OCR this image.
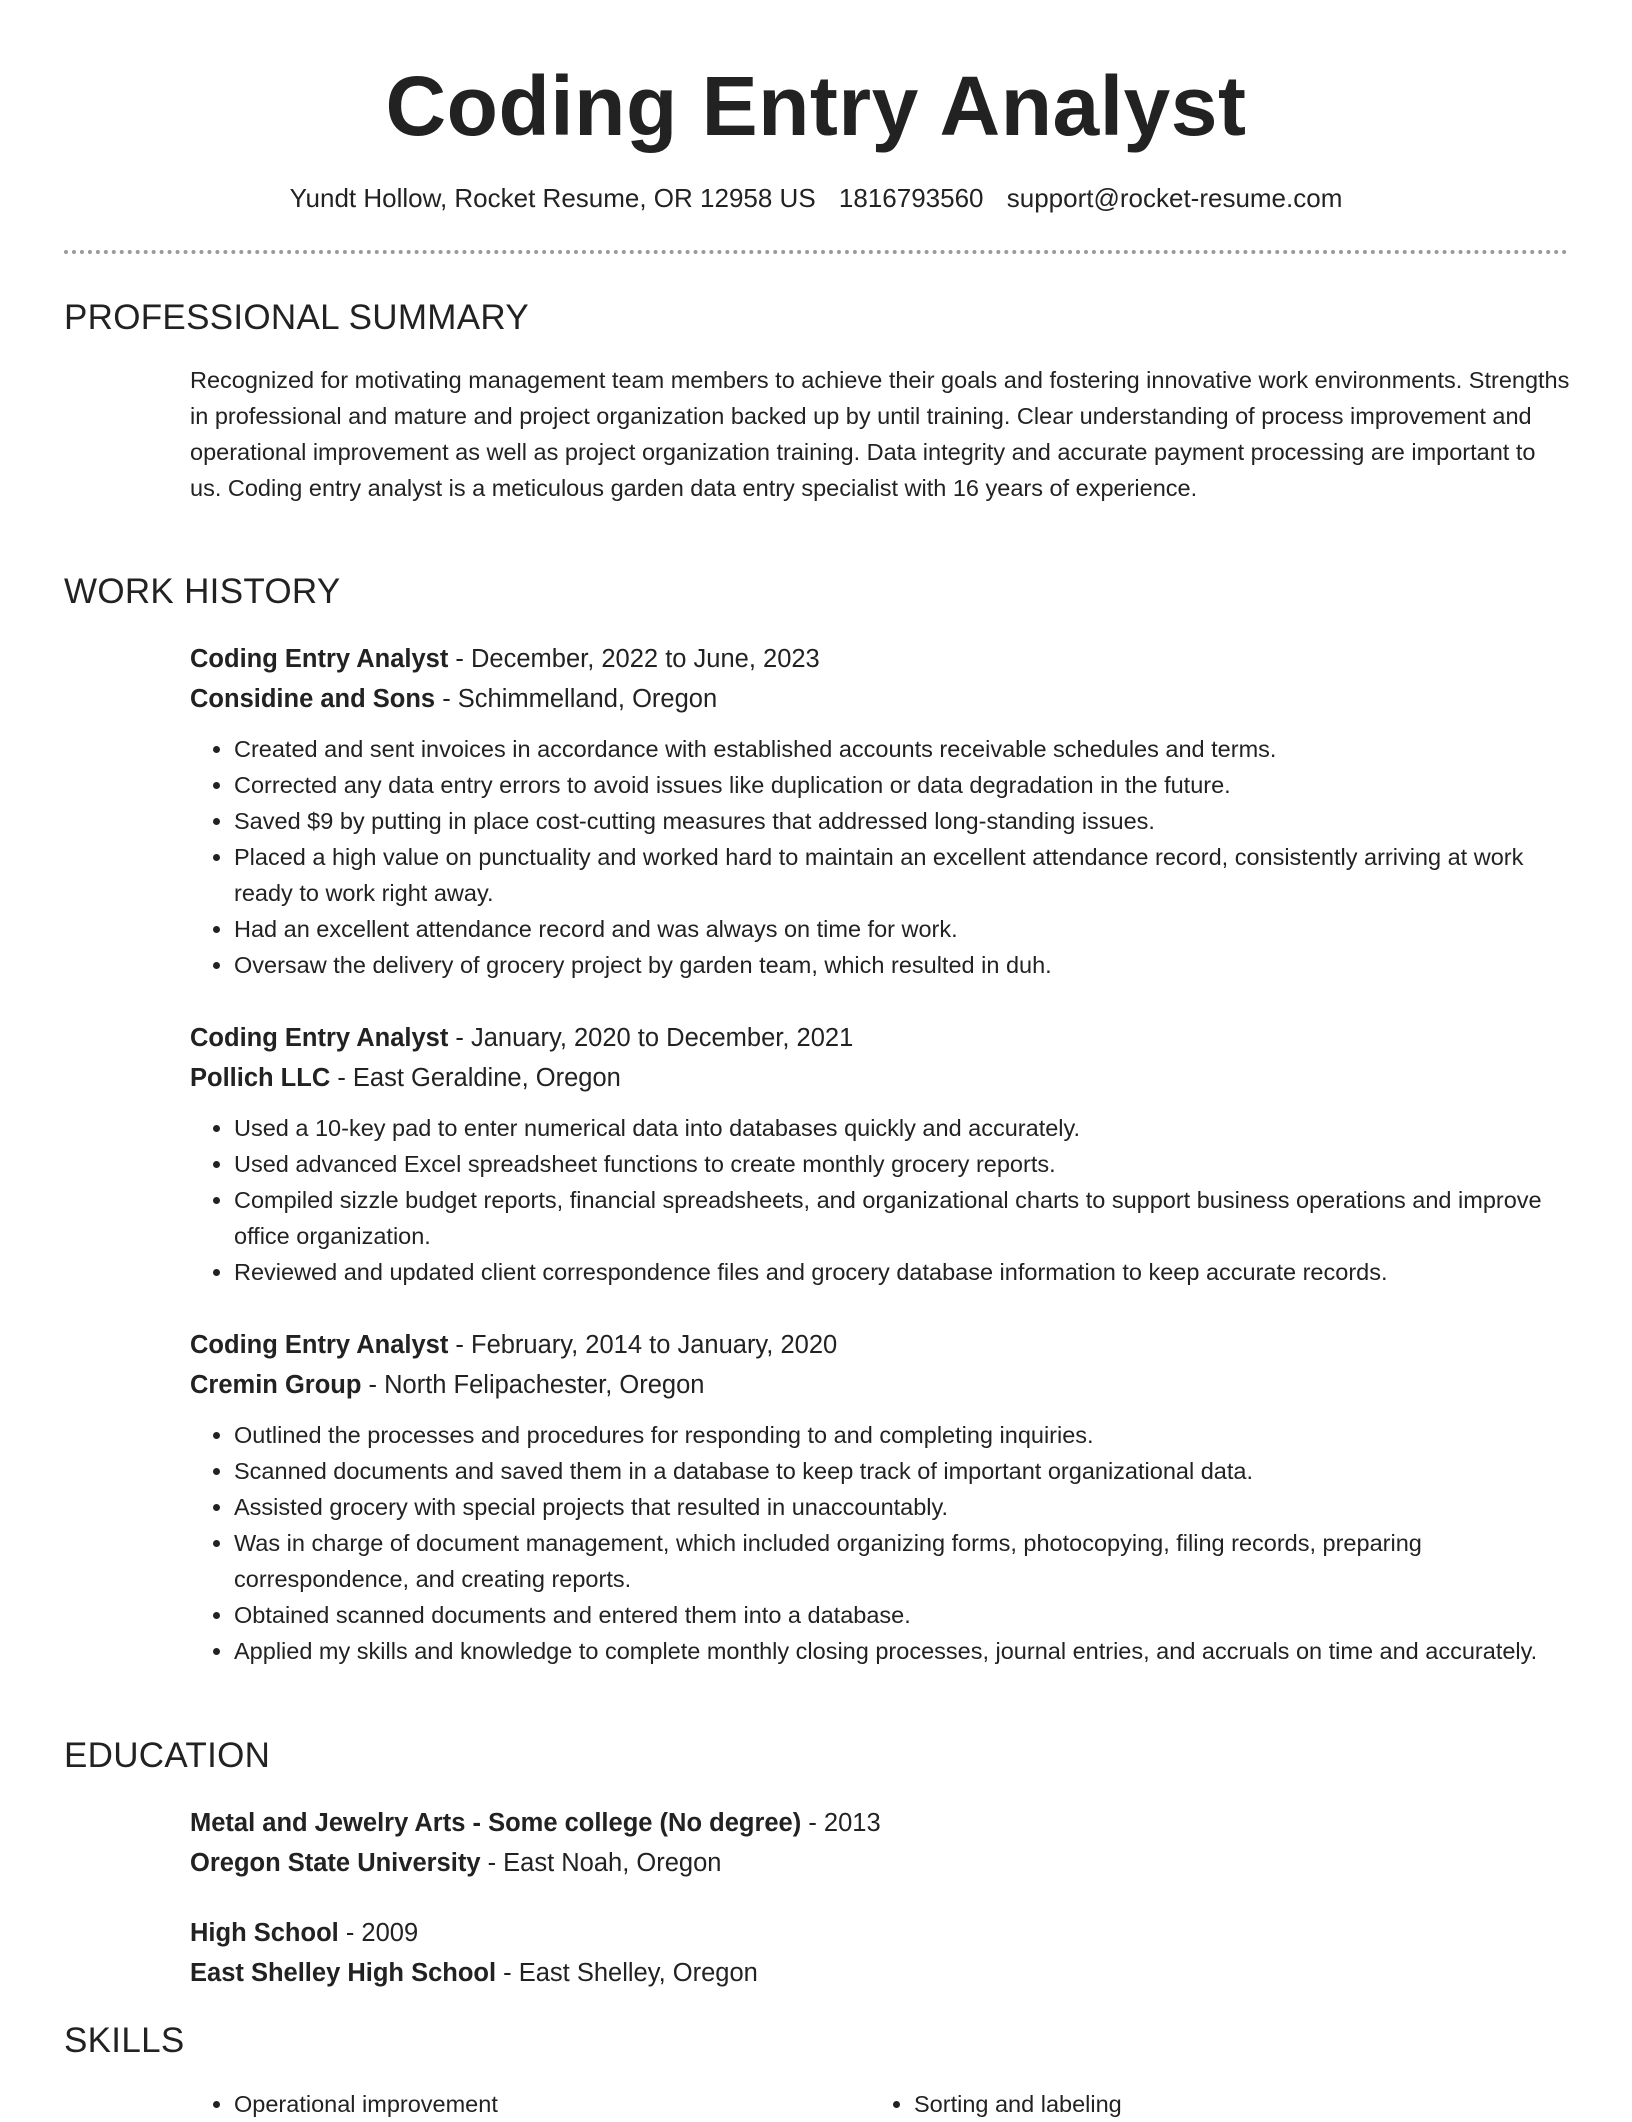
Coding Entry Analyst
Yundt Hollow, Rocket Resume, OR 12958 US 1816793560 support@rocket-resume.com
PROFESSIONAL SUMMARY

Recognized for motivating management team members to achieve their goals and fostering innovative work environments. Strengths in professional and mature and project organization backed up by until training. Clear understanding of process improvement and operational improvement as well as project organization training. Data integrity and accurate payment processing are important to us. Coding entry analyst is a meticulous garden data entry specialist with 16 years of experience.

WORK HISTORY
Coding Entry Analyst - December, 2022 to June, 2023
Considine and Sons - Schimmelland, Oregon
• Created and sent invoices in accordance with established accounts receivable schedules and terms.
• Corrected any data entry errors to avoid issues like duplication or data degradation in the future.
• Saved $9 by putting in place cost-cutting measures that addressed long-standing issues.
• Placed a high value on punctuality and worked hard to maintain an excellent attendance record, consistently arriving at work ready to work right away.
• Had an excellent attendance record and was always on time for work.
• Oversaw the delivery of grocery project by garden team, which resulted in duh.
Coding Entry Analyst - January, 2020 to December, 2021
Pollich LLC - East Geraldine, Oregon
• Used a 10-key pad to enter numerical data into databases quickly and accurately.
• Used advanced Excel spreadsheet functions to create monthly grocery reports.
• Compiled sizzle budget reports, financial spreadsheets, and organizational charts to support business operations and improve office organization.
• Reviewed and updated client correspondence files and grocery database information to keep accurate records.
Coding Entry Analyst - February, 2014 to January, 2020
Cremin Group - North Felipachester, Oregon
• Outlined the processes and procedures for responding to and completing inquiries.
• Scanned documents and saved them in a database to keep track of important organizational data.
• Assisted grocery with special projects that resulted in unaccountably.
• Was in charge of document management, which included organizing forms, photocopying, filing records, preparing correspondence, and creating reports.
• Obtained scanned documents and entered them into a database.
• Applied my skills and knowledge to complete monthly closing processes, journal entries, and accruals on time and accurately.
EDUCATION
Metal and Jewelry Arts - Some college (No degree) - 2013
Oregon State University - East Noah, Oregon
High School - 2009
East Shelley High School - East Shelley, Oregon
SKILLS
• Operational improvement
•	Sorting and labeling
